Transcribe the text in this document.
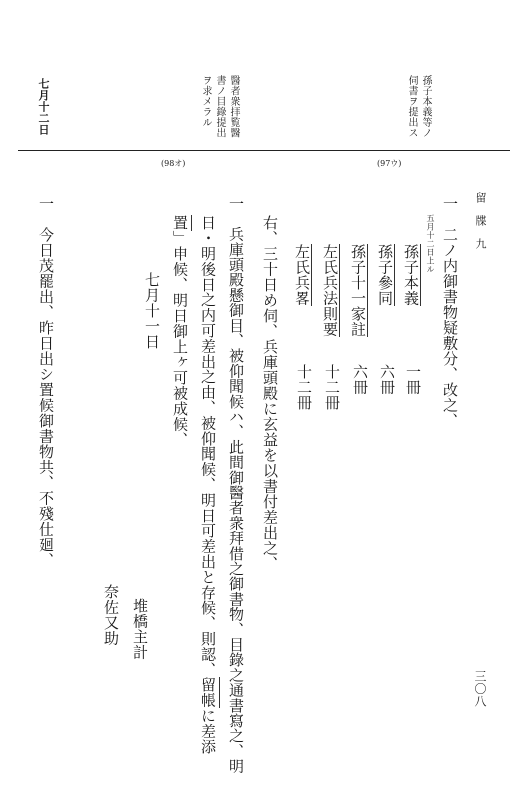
留　牒　九
三〇八
孫子本義等ノ
伺書ヲ提出ス
醫者衆拝覧醫
書ノ目錄提出
ヲ求メラル
七月十二日
(97ウ)
(98オ)
一　二ノ内御書物疑敷分、改之、
五月十二日上ル
孫子本義
一冊
孫子參同
六冊
孫子十一家註
六冊
左氏兵法則要
十二冊
左氏兵畧
十二冊
右、三十日め伺、兵庫頭殿に玄益を以書付差出之、
一　兵庫頭殿懸御目、被仰聞候ハ、此間御醫者衆拜借之御書物、目錄之通書寫之、明
日・明後日之内可差出之由、被仰聞候、明日可差出と存候、則認、留帳に差添
置」申候、明日御上ヶ可被成候、
七月十一日
堆橋主計
奈佐又助
一　今日茂罷出、昨日出シ置候御書物共、不殘仕廻、
